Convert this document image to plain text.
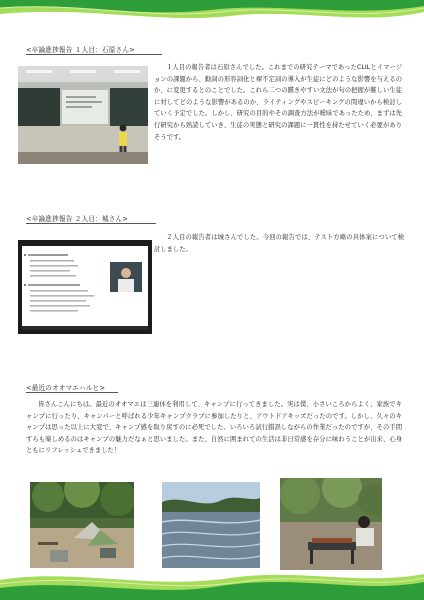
<卒論進捗報告 １人目：石原さん>
１人目の報告者は石原さんでした。これまでの研究テーマであったCLILとイマージョンの課題から、動詞の形容詞化と裸不定詞の導入が生徒にどのような影響を与えるのか、に変更するとのことでした。これら二つの躓きやすい文法が句の把握が難しい生徒に対してどのような影響があるのか、ライティングやスピーキングの間違いから検討していく予定でした。しかし、研究の目的やその調査方法が曖昧であったため、まずは先行研究から熟読していき、生徒の実態と研究の課題に一貫性を持たせていく必要がありそうです。
<卒論進捗報告 ２人目：城さん>
２人目の報告者は城さんでした。今回の報告では、テスト方略の具体案について検討しました。
<最近のオオマエハルヒ>
皆さんこんにちは。最近のオオマエは三連休を利用して、キャンプに行ってきました。実は僕、小さいころからよく、家族でキャンプに行ったり、キャンパーと呼ばれる少年キャンプクラブに参加したりと、アウトドアキッズだったのです。しかし、久々のキャンプは思った以上に大変で、キャンプ感を取り戻すのに必死でした。いろいろ試行錯誤しながらの作業だったのですが、その手間すらも楽しめるのはキャンプの魅力だなぁと思いました。また、自然に囲まれての生活は非日常感を存分に味わうことが出来、心身ともにリフレッシュできました！
